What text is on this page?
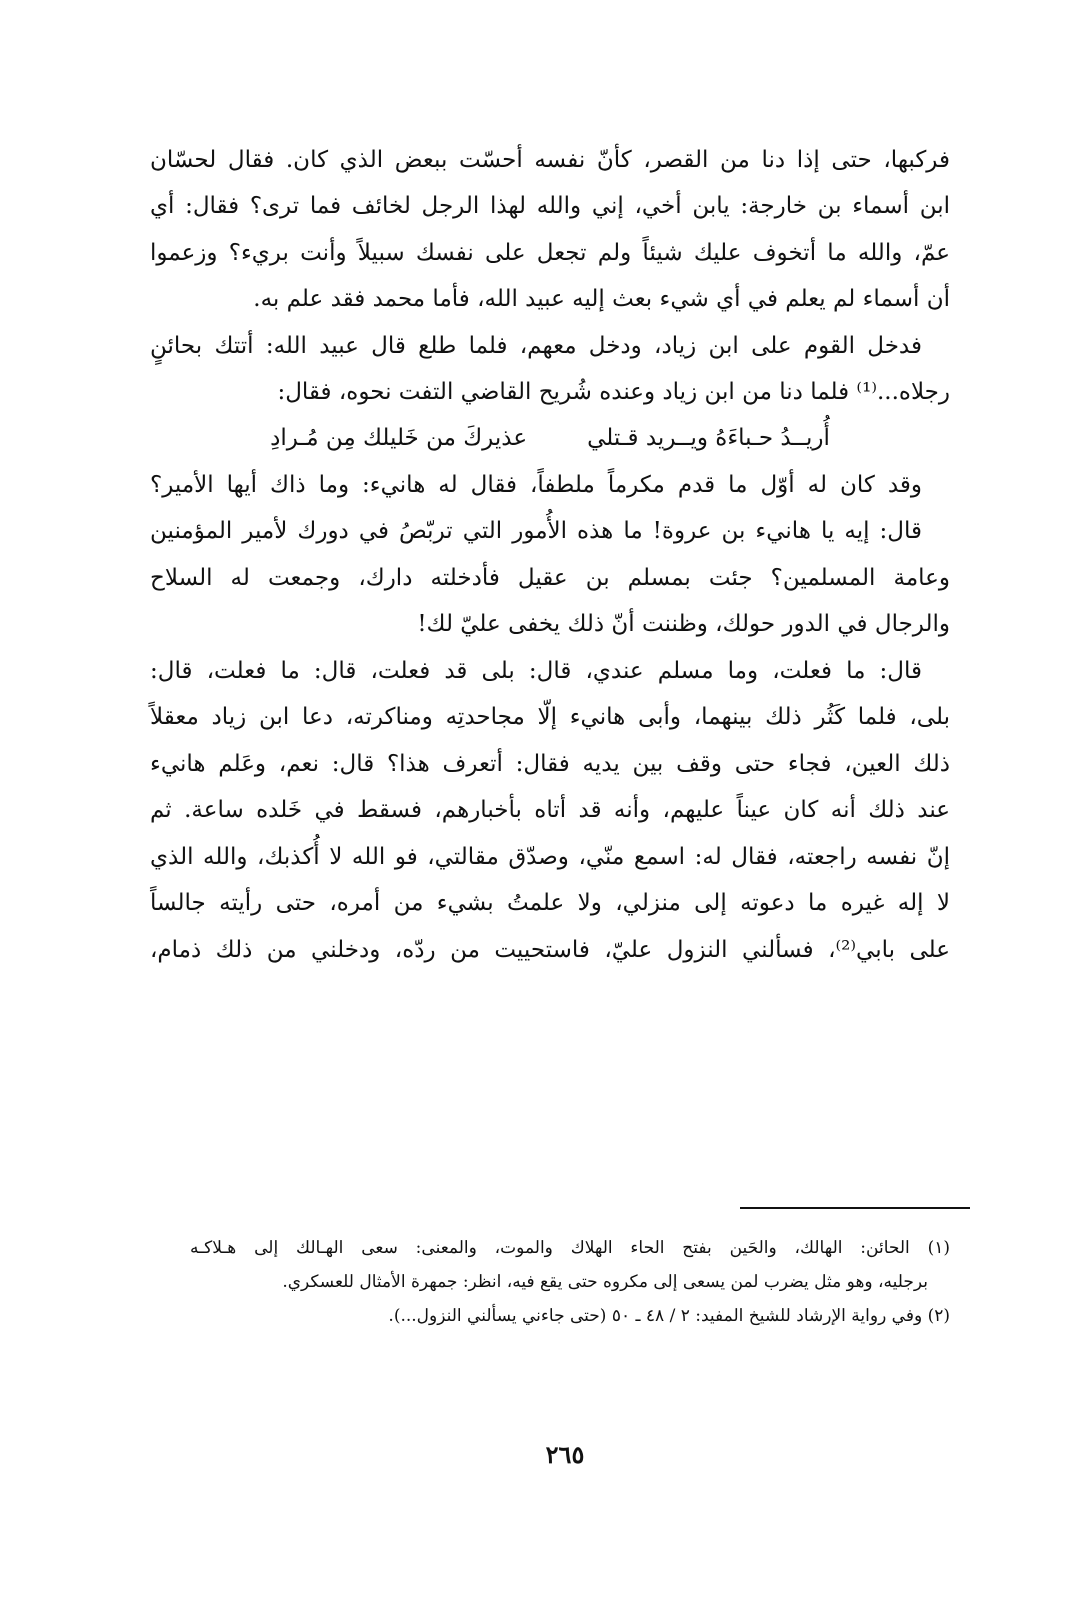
فركبها، حتى إذا دنا من القصر، كأنّ نفسه أحسّت ببعض الذي كان. فقال لحسّان
ابن أسماء بن خارجة: يابن أخي، إني والله لهذا الرجل لخائف فما ترى؟ فقال: أي
عمّ، والله ما أتخوف عليك شيئاً ولم تجعل على نفسك سبيلاً وأنت بريء؟ وزعموا
أن أسماء لم يعلم في أي شيء بعث إليه عبيد الله، فأما محمد فقد علم به.
فدخل القوم على ابن زياد، ودخل معهم، فلما طلع قال عبيد الله: أتتك بحائنٍ
رجلاه...⁽¹⁾ فلما دنا من ابن زياد وعنده شُريح القاضي التفت نحوه، فقال:
أُريــدُ حـباءَهُ ويــريد قـتلي
عذيركَ من خَليلك مِن مُـرادِ
وقد كان له أوّل ما قدم مكرماً ملطفاً، فقال له هانيء: وما ذاك أيها الأمير؟
قال: إيه يا هانيء بن عروة! ما هذه الأُمور التي تربّصُ في دورك لأمير المؤمنين
وعامة المسلمين؟ جئت بمسلم بن عقيل فأدخلته دارك، وجمعت له السلاح
والرجال في الدور حولك، وظننت أنّ ذلك يخفى عليّ لك!
قال: ما فعلت، وما مسلم عندي، قال: بلى قد فعلت، قال: ما فعلت، قال:
بلى، فلما كَثُر ذلك بينهما، وأبى هانيء إلّا مجاحدتِه ومناكرته، دعا ابن زياد معقلاً
ذلك العين، فجاء حتى وقف بين يديه فقال: أتعرف هذا؟ قال: نعم، وعَلم هانيء
عند ذلك أنه كان عيناً عليهم، وأنه قد أتاه بأخبارهم، فسقط في خَلده ساعة. ثم
إنّ نفسه راجعته، فقال له: اسمع منّي، وصدّق مقالتي، فو الله لا أُكذبك، والله الذي
لا إله غيره ما دعوته إلى منزلي، ولا علمتُ بشيء من أمره، حتى رأيته جالساً
على بابي⁽²⁾، فسألني النزول عليّ، فاستحييت من ردّه، ودخلني من ذلك ذمام،
(١) الحائن: الهالك، والحَين بفتح الحاء الهلاك والموت، والمعنى: سعى الهـالك إلى هـلاكـه
برجليه، وهو مثل يضرب لمن يسعى إلى مكروه حتى يقع فيه، انظر: جمهرة الأمثال للعسكري.
(٢) وفي رواية الإرشاد للشيخ المفيد: ٢ / ٤٨ ـ ٥٠ (حتى جاءني يسألني النزول...).
٢٦٥
